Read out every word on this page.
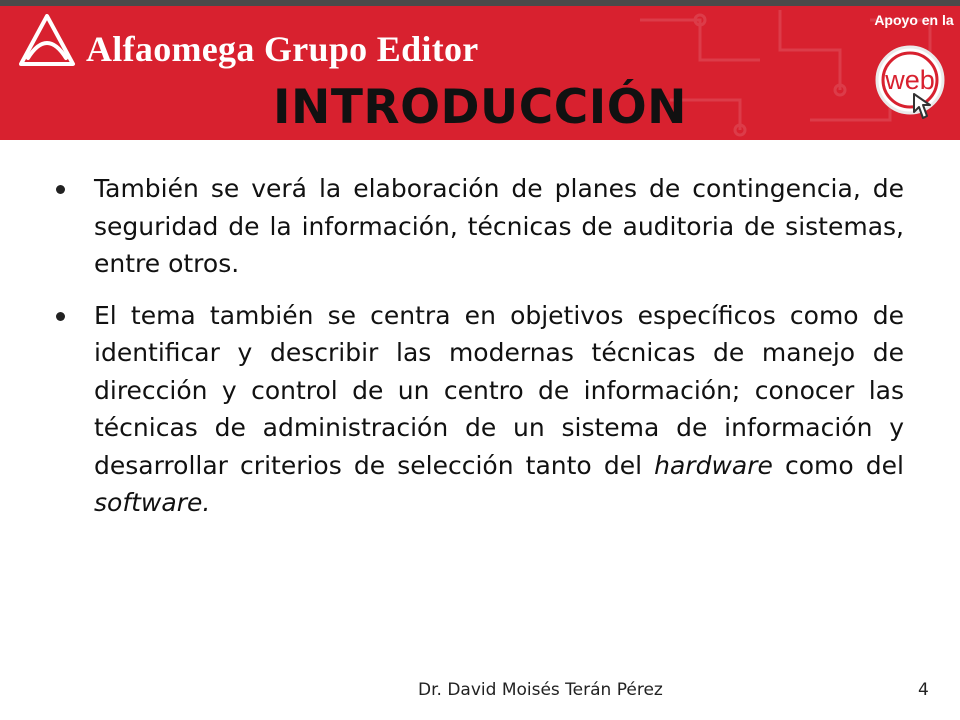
Alfaomega Grupo Editor
Apoyo en la
web
INTRODUCCIÓN
También se verá la elaboración de planes de contingencia, de seguridad de la información, técnicas de auditoria de sistemas, entre otros.
El tema también se centra en objetivos específicos como de identificar y describir las modernas técnicas de manejo de dirección y control de un centro de información; conocer las técnicas de administración de un sistema de información y desarrollar criterios de selección tanto del hardware como del software.
Dr. David Moisés Terán Pérez	4
